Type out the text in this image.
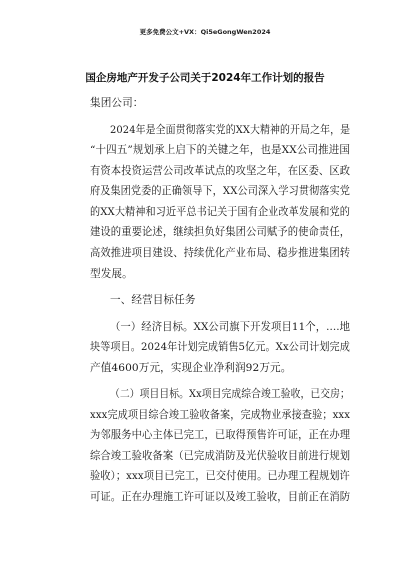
更多免费公文+VX：Qi5eGongWen2024
国企房地产开发子公司关于2024年工作计划的报告
集团公司：
2024年是全面贯彻落实党的XX大精神的开局之年，是
“十四五”规划承上启下的关键之年，也是XX公司推进国
有资本投资运营公司改革试点的攻坚之年，在区委、区政
府及集团党委的正确领导下，XX公司深入学习贯彻落实党
的XX大精神和习近平总书记关于国有企业改革发展和党的
建设的重要论述，继续担负好集团公司赋予的使命责任，
高效推进项目建设、持续优化产业布局、稳步推进集团转
型发展。
一、经营目标任务
（一）经济目标。XX公司旗下开发项目11个，....地
块等项目。2024年计划完成销售5亿元。Xx公司计划完成
产值4600万元，实现企业净利润92万元。
（二）项目目标。Xx项目完成综合竣工验收，已交房；
xxx完成项目综合竣工验收备案，完成物业承接查验；xxx
为邻服务中心主体已完工，已取得预售许可证，正在办理
综合竣工验收备案（已完成消防及光伏验收目前进行规划
验收）；xxx项目已完工，已交付使用。已办理工程规划许
可证。正在办理施工许可证以及竣工验收，目前正在消防
